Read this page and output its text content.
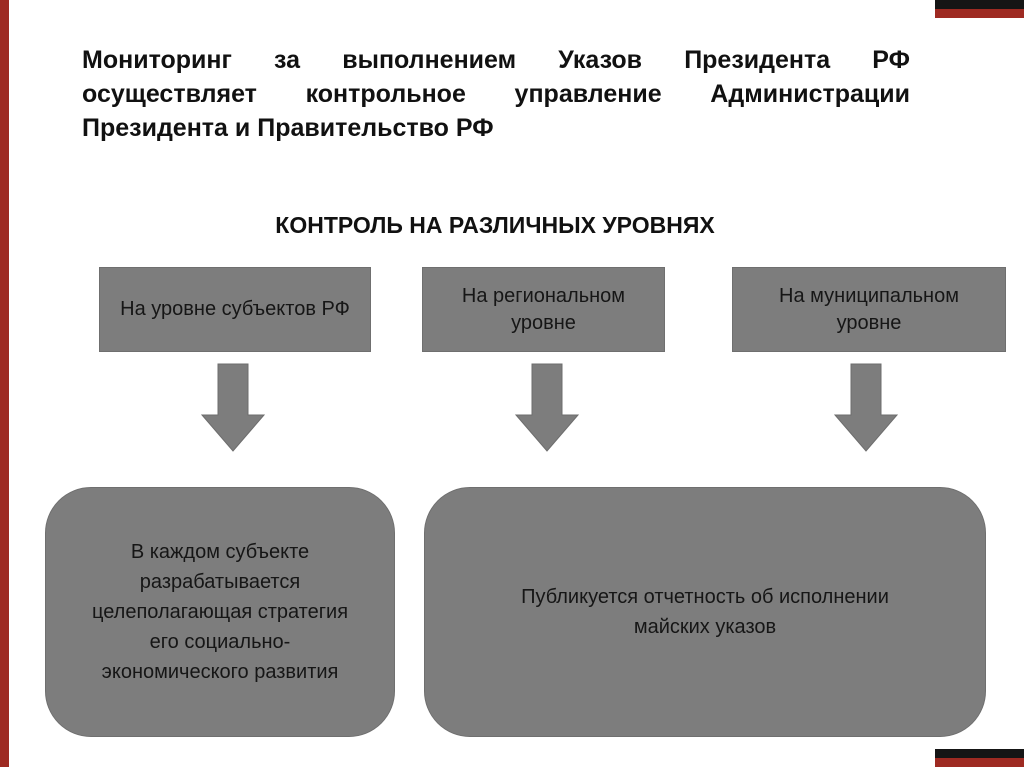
Мониторинг за выполнением Указов Президента РФ осуществляет контрольное управление Администрации Президента и Правительство РФ
КОНТРОЛЬ НА РАЗЛИЧНЫХ УРОВНЯХ
На уровне субъектов РФ
На региональном уровне
На муниципальном уровне
В каждом субъекте разрабатывается целеполагающая стратегия его социально-экономического развития
Публикуется отчетность об исполнении майских указов
